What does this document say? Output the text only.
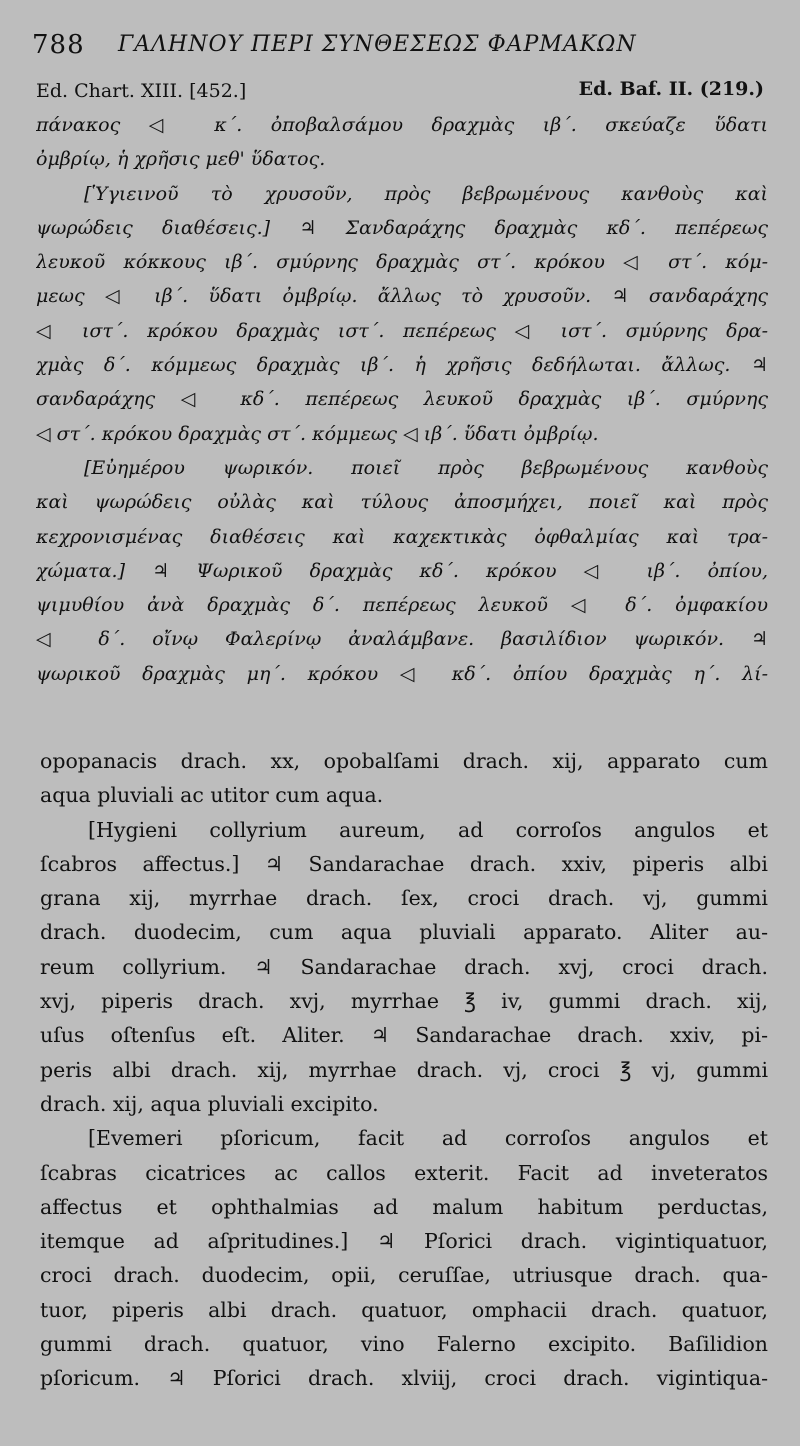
788 ΓΑΛΗΝΟΥ ΠΕΡΙ ΣΥΝΘΕΣΕΩΣ ΦΑΡΜΑΚΩΝ
Ed. Chart. XIII. [452.]	Ed. Baf. II. (219.)
πάνακος ◁ κ΄. ὀποβαλσάμου δραχμὰς ιβ΄. σκεύαζε ὕδατι
ὀμβρίῳ, ἡ χρῆσις μεθ' ὕδατος.
[Ὑγιεινοῦ τὸ χρυσοῦν, πρὸς βεβρωμένους κανθοὺς καὶ
ψωρώδεις διαθέσεις.] ♃ Σανδαράχης δραχμὰς κδ΄. πεπέρεως
λευκοῦ κόκκους ιβ΄. σμύρνης δραχμὰς στ΄. κρόκου ◁ στ΄. κόμ-
μεως ◁ ιβ΄. ὕδατι ὀμβρίῳ. ἄλλως τὸ χρυσοῦν. ♃ σανδαράχης
◁ ιστ΄. κρόκου δραχμὰς ιστ΄. πεπέρεως ◁ ιστ΄. σμύρνης δρα-
χμὰς δ΄. κόμμεως δραχμὰς ιβ΄. ἡ χρῆσις δεδήλωται. ἄλλως. ♃
σανδαράχης ◁ κδ΄. πεπέρεως λευκοῦ δραχμὰς ιβ΄. σμύρνης
◁ στ΄. κρόκου δραχμὰς στ΄. κόμμεως ◁ ιβ΄. ὕδατι ὀμβρίῳ.
[Εὐημέρου ψωρικόν. ποιεῖ πρὸς βεβρωμένους κανθοὺς
καὶ ψωρώδεις οὐλὰς καὶ τύλους ἀποσμήχει, ποιεῖ καὶ πρὸς
κεχρονισμένας διαθέσεις καὶ καχεκτικὰς ὀφθαλμίας καὶ τρα-
χώματα.] ♃ Ψωρικοῦ δραχμὰς κδ΄. κρόκου ◁ ιβ΄. ὀπίου,
ψιμυθίου ἀνὰ δραχμὰς δ΄. πεπέρεως λευκοῦ ◁ δ΄. ὀμφακίου
◁ δ΄. οἴνῳ Φαλερίνῳ ἀναλάμβανε. βασιλίδιον ψωρικόν. ♃
ψωρικοῦ δραχμὰς μη΄. κρόκου ◁ κδ΄. ὀπίου δραχμὰς η΄. λί-
opopanacis drach. xx, opobalſami drach. xij, apparato cum
aqua pluviali ac utitor cum aqua.
[Hygieni collyrium aureum, ad corroſos angulos et
ſcabros affectus.] ♃ Sandarachae drach. xxiv, piperis albi
grana xij, myrrhae drach. ſex, croci drach. vj, gummi
drach. duodecim, cum aqua pluviali apparato. Aliter au-
reum collyrium. ♃ Sandarachae drach. xvj, croci drach.
xvj, piperis drach. xvj, myrrhae ℥ iv, gummi drach. xij,
uſus oſtenſus eſt. Aliter. ♃ Sandarachae drach. xxiv, pi-
peris albi drach. xij, myrrhae drach. vj, croci ℥ vj, gummi
drach. xij, aqua pluviali excipito.
[Evemeri pſoricum, facit ad corroſos angulos et
ſcabras cicatrices ac callos exterit. Facit ad inveteratos
affectus et ophthalmias ad malum habitum perductas,
itemque ad aſpritudines.] ♃ Pſorici drach. vigintiquatuor,
croci drach. duodecim, opii, ceruſſae, utriusque drach. qua-
tuor, piperis albi drach. quatuor, omphacii drach. quatuor,
gummi drach. quatuor, vino Falerno excipito. Baſilidion
pſoricum. ♃ Pſorici drach. xlviij, croci drach. vigintiqua-
